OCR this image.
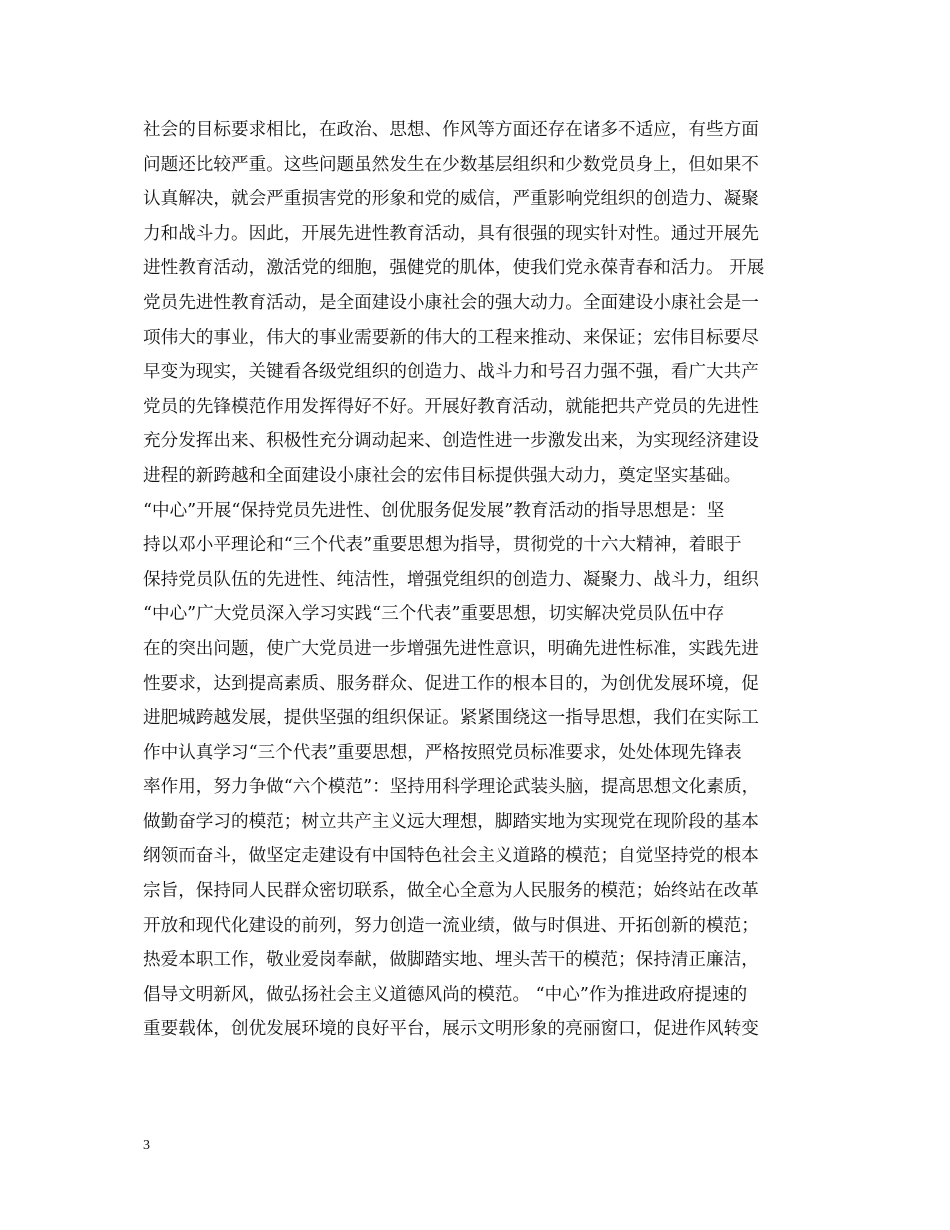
社会的目标要求相比，在政治、思想、作风等方面还存在诸多不适应，有些方面
问题还比较严重。这些问题虽然发生在少数基层组织和少数党员身上，但如果不
认真解决，就会严重损害党的形象和党的威信，严重影响党组织的创造力、凝聚
力和战斗力。因此，开展先进性教育活动，具有很强的现实针对性。通过开展先
进性教育活动，激活党的细胞，强健党的肌体，使我们党永葆青春和活力。 开展
党员先进性教育活动，是全面建设小康社会的强大动力。全面建设小康社会是一
项伟大的事业，伟大的事业需要新的伟大的工程来推动、来保证；宏伟目标要尽
早变为现实，关键看各级党组织的创造力、战斗力和号召力强不强，看广大共产
党员的先锋模范作用发挥得好不好。开展好教育活动，就能把共产党员的先进性
充分发挥出来、积极性充分调动起来、创造性进一步激发出来，为实现经济建设
进程的新跨越和全面建设小康社会的宏伟目标提供强大动力，奠定坚实基础。
“中心”开展“保持党员先进性、创优服务促发展”教育活动的指导思想是：坚
持以邓小平理论和“三个代表”重要思想为指导，贯彻党的十六大精神，着眼于
保持党员队伍的先进性、纯洁性，增强党组织的创造力、凝聚力、战斗力，组织
“中心”广大党员深入学习实践“三个代表”重要思想，切实解决党员队伍中存
在的突出问题，使广大党员进一步增强先进性意识，明确先进性标准，实践先进
性要求，达到提高素质、服务群众、促进工作的根本目的，为创优发展环境，促
进肥城跨越发展，提供坚强的组织保证。紧紧围绕这一指导思想，我们在实际工
作中认真学习“三个代表”重要思想，严格按照党员标准要求，处处体现先锋表
率作用，努力争做“六个模范”：坚持用科学理论武装头脑，提高思想文化素质，
做勤奋学习的模范；树立共产主义远大理想，脚踏实地为实现党在现阶段的基本
纲领而奋斗，做坚定走建设有中国特色社会主义道路的模范；自觉坚持党的根本
宗旨，保持同人民群众密切联系，做全心全意为人民服务的模范；始终站在改革
开放和现代化建设的前列，努力创造一流业绩，做与时俱进、开拓创新的模范；
热爱本职工作，敬业爱岗奉献，做脚踏实地、埋头苦干的模范；保持清正廉洁，
倡导文明新风，做弘扬社会主义道德风尚的模范。 “中心”作为推进政府提速的
重要载体，创优发展环境的良好平台，展示文明形象的亮丽窗口，促进作风转变
3
